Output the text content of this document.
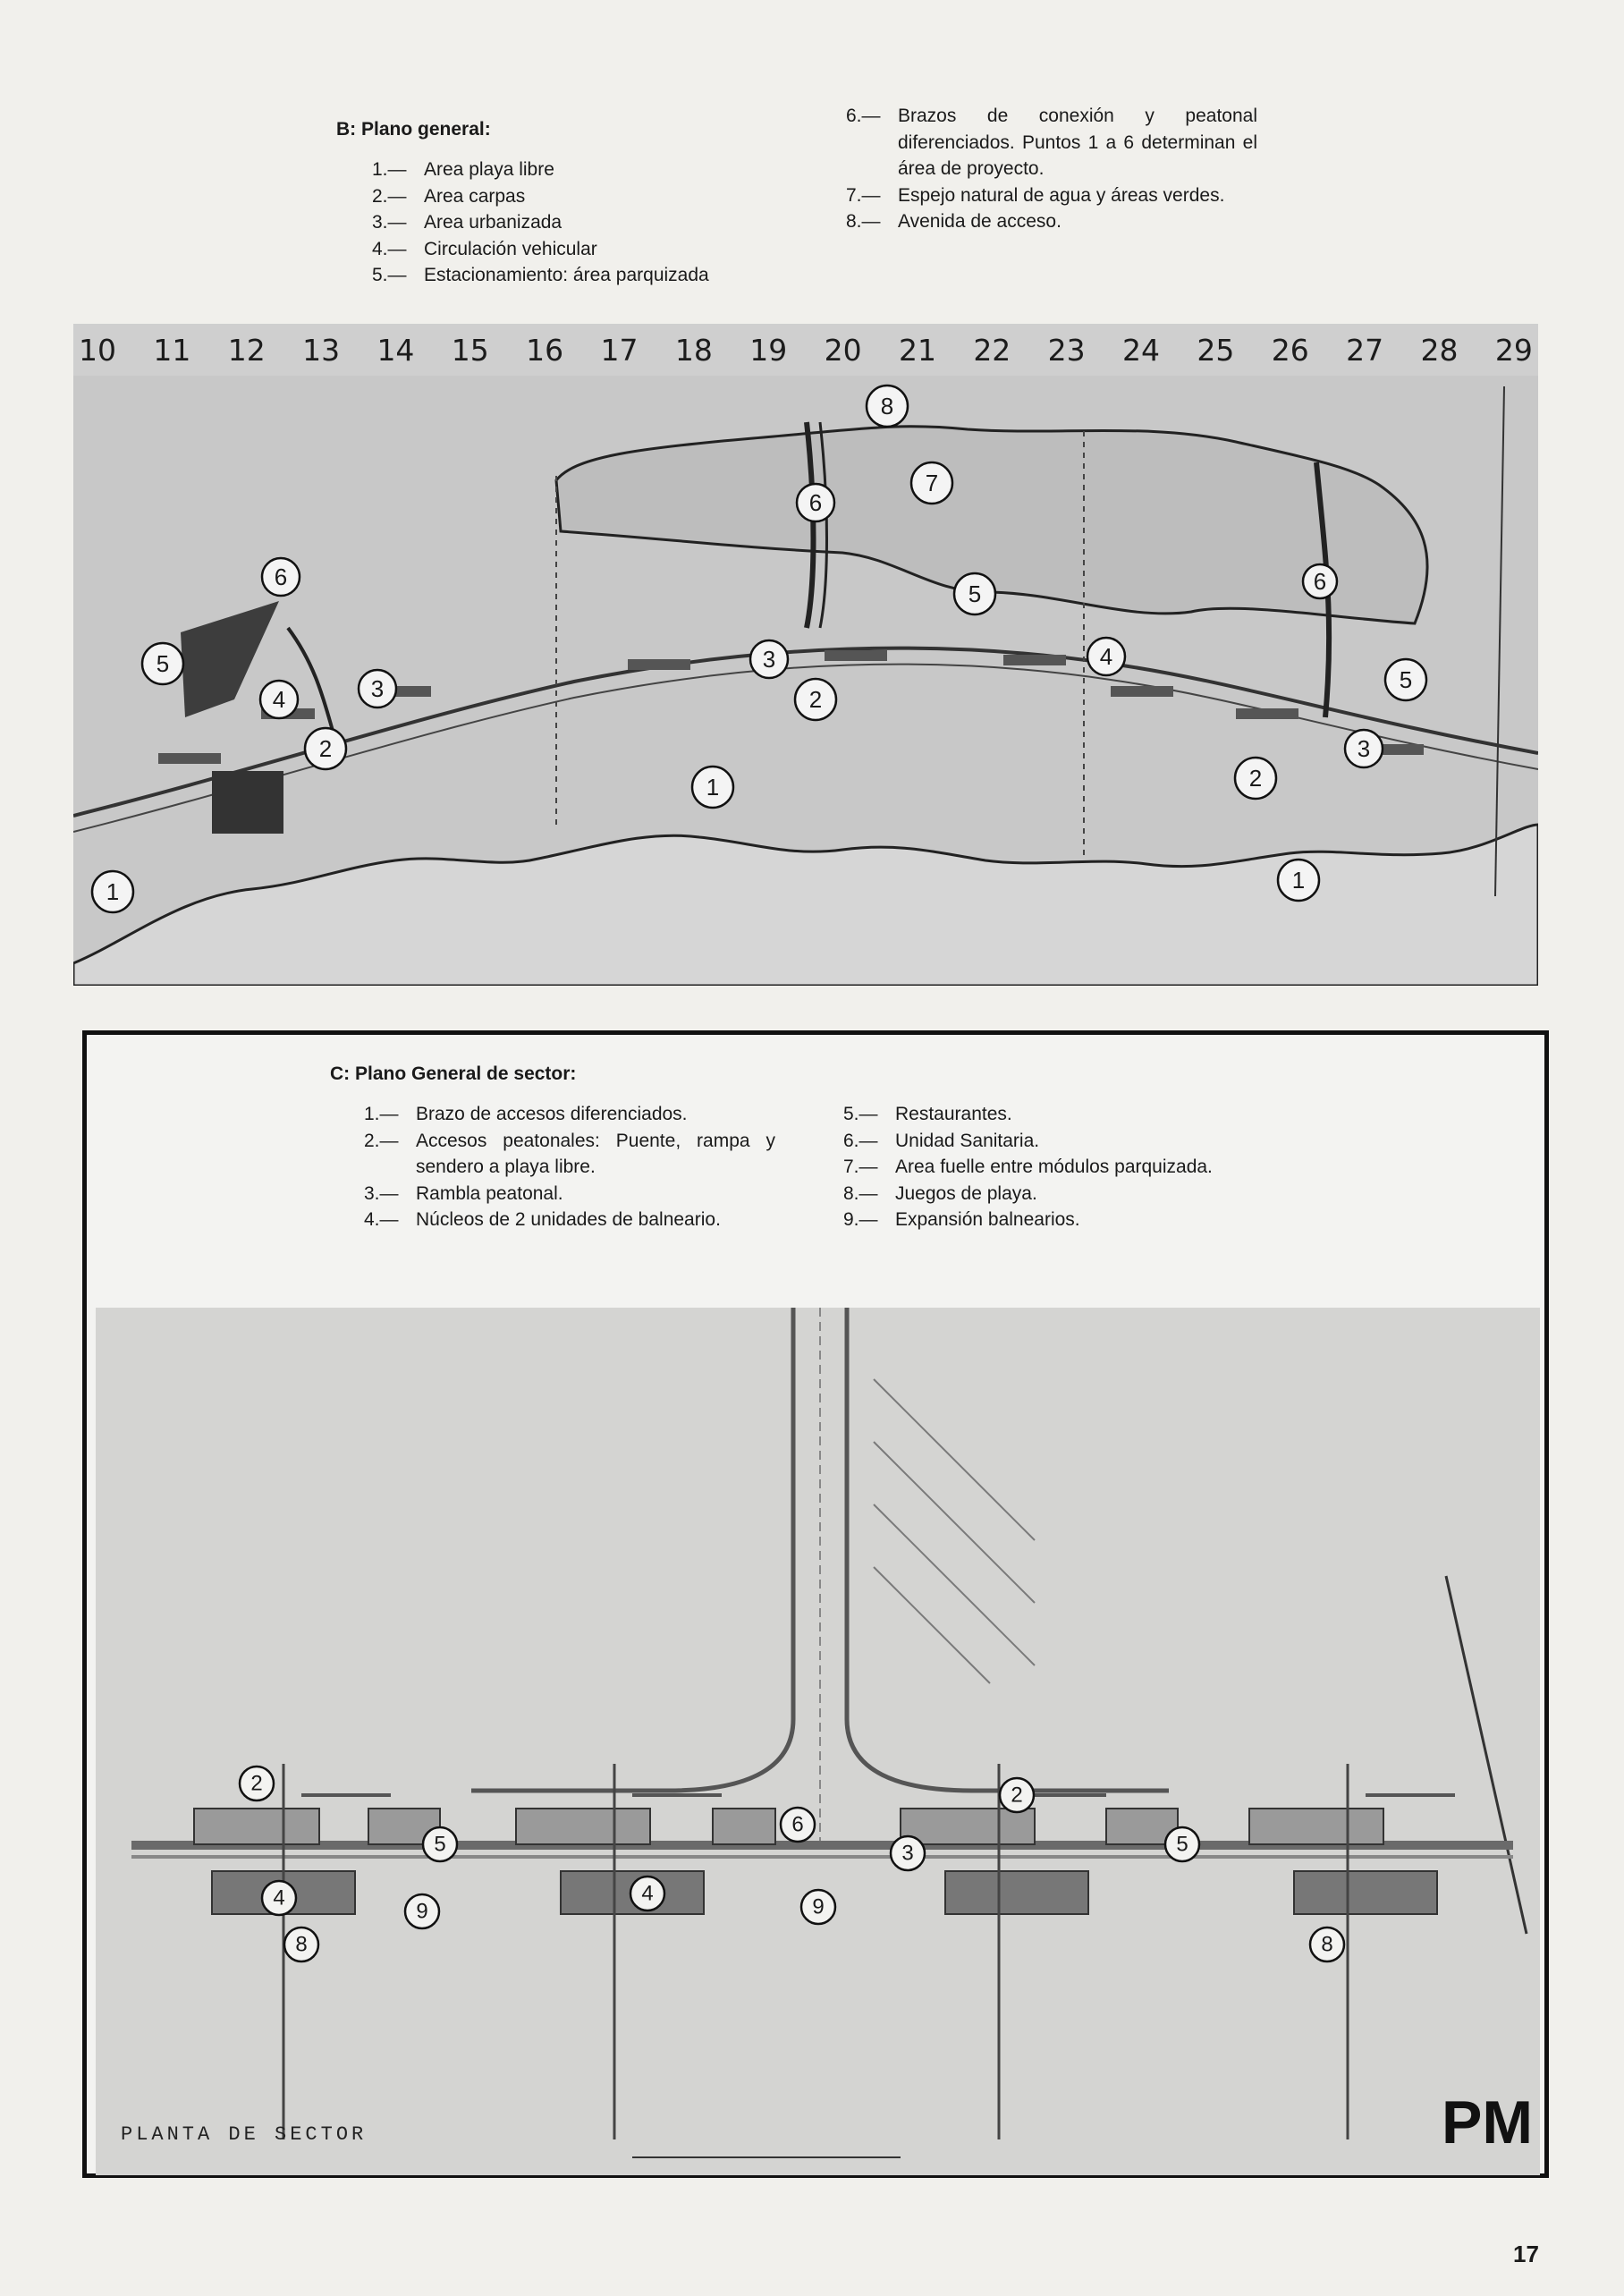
B: Plano general:
1.— Area playa libre
2.— Area carpas
3.— Area urbanizada
4.— Circulación vehicular
5.— Estacionamiento: área parquizada
6.— Brazos de conexión y peatonal diferenciados. Puntos 1 a 6 determinan el área de proyecto.
7.— Espejo natural de agua y áreas verdes.
8.— Avenida de acceso.
10 11 12 13 14 15 16 17 18 19 20 21 22 23 24 25 26 27 28 29
8
7
6
6
5
5	4
4	3
3
2
5
2
6
3
2
1
1	1
C: Plano General de sector:
1.— Brazo de accesos diferenciados.
2.— Accesos peatonales: Puente, rampa y sendero a playa libre.
3.— Rambla peatonal.
4.— Núcleos de 2 unidades de balneario.
5.— Restaurantes.
6.— Unidad Sanitaria.
7.— Area fuelle entre módulos parquizada.
8.— Juegos de playa.
9.— Expansión balnearios.
2	2
6
5	5
3
4	4
9	9
8	8
PLANTA DE SECTOR	PM
17
